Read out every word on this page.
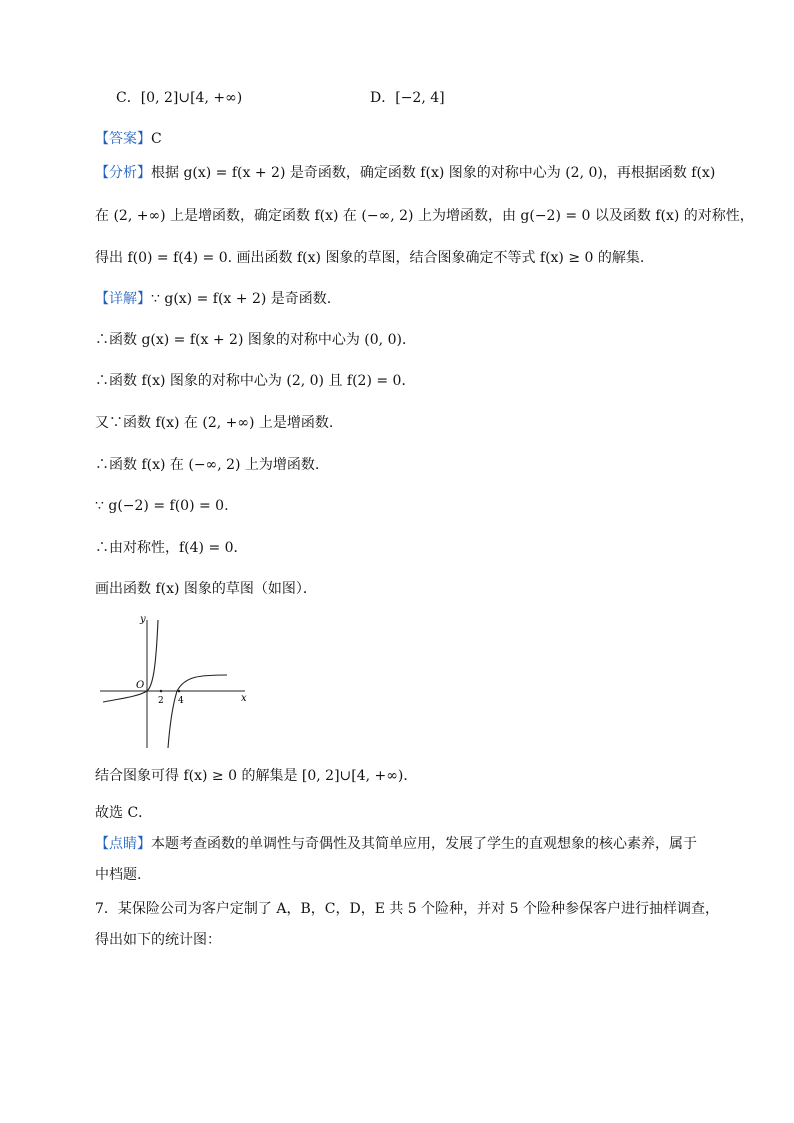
C．[0, 2]∪[4, +∞)	D．[−2, 4]
【答案】C
【分析】根据 g(x) = f(x + 2) 是奇函数，确定函数 f(x) 图象的对称中心为 (2, 0)，再根据函数 f(x)
在 (2, +∞) 上是增函数，确定函数 f(x) 在 (−∞, 2) 上为增函数，由 g(−2) = 0 以及函数 f(x) 的对称性，
得出 f(0) = f(4) = 0. 画出函数 f(x) 图象的草图，结合图象确定不等式 f(x) ≥ 0 的解集.
【详解】∵ g(x) = f(x + 2) 是奇函数.
∴函数 g(x) = f(x + 2) 图象的对称中心为 (0, 0)．
∴函数 f(x) 图象的对称中心为 (2, 0) 且 f(2) = 0．
又∵函数 f(x) 在 (2, +∞) 上是增函数.
∴函数 f(x) 在 (−∞, 2) 上为增函数.
∵ g(−2) = f(0) = 0.
∴由对称性，f(4) = 0．
画出函数 f(x) 图象的草图（如图）．
y
x
O
2 4
结合图象可得 f(x) ≥ 0 的解集是 [0, 2]∪[4, +∞)．
故选 C．
【点睛】本题考查函数的单调性与奇偶性及其简单应用，发展了学生的直观想象的核心素养，属于
中档题.
7．某保险公司为客户定制了 A，B，C，D，E 共 5 个险种，并对 5 个险种参保客户进行抽样调查，
得出如下的统计图：
